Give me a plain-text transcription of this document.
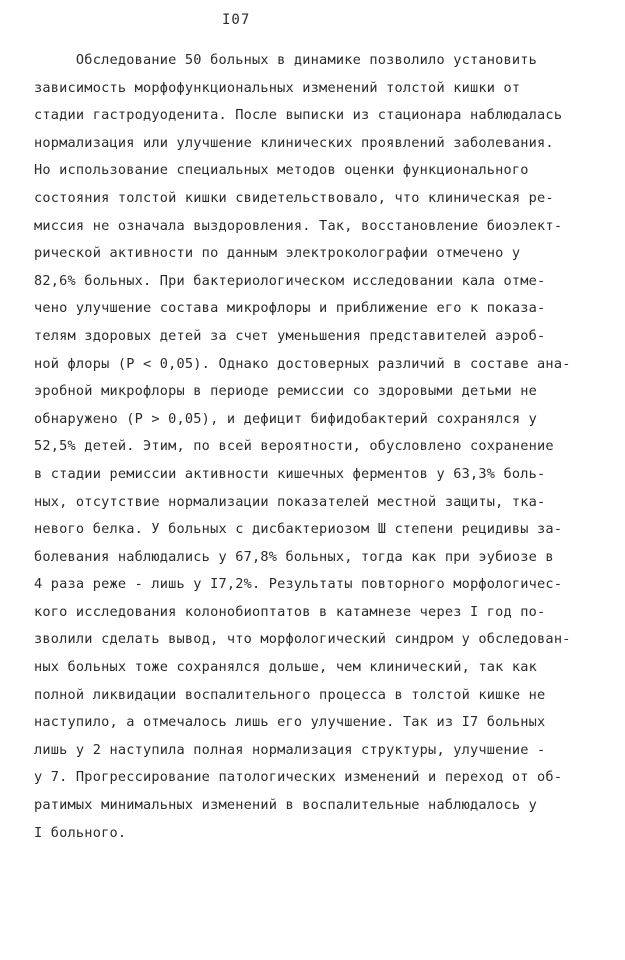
I07
Обследование 50 больных в динамике позволило установить
зависимость морфофункциональных изменений толстой кишки от
стадии гастродуоденита. После выписки из стационара наблюдалась
нормализация или улучшение клинических проявлений заболевания.
Но использование специальных методов оценки функционального
состояния толстой кишки свидетельствовало, что клиническая ре-
миссия не означала выздоровления. Так, восстановление биоэлект-
рической активности по данным электроколографии отмечено у
82,6% больных. При бактериологическом исследовании кала отме-
чено улучшение состава микрофлоры и приближение его к показа-
телям здоровых детей за счет уменьшения представителей аэроб-
ной флоры (P < 0,05). Однако достоверных различий в составе ана-
эробной микрофлоры в периоде ремиссии со здоровыми детьми не
обнаружено (P > 0,05), и дефицит бифидобактерий сохранялся у
52,5% детей. Этим, по всей вероятности, обусловлено сохранение
в стадии ремиссии активности кишечных ферментов у 63,3% боль-
ных, отсутствие нормализации показателей местной защиты, тка-
невого белка. У больных с дисбактериозом Ш степени рецидивы за-
болевания наблюдались у 67,8% больных, тогда как при эубиозе в
4 раза реже - лишь у I7,2%. Результаты повторного морфологичес-
кого исследования колонобиоптатов в катамнезе через I год по-
зволили сделать вывод, что морфологический синдром у обследован-
ных больных тоже сохранялся дольше, чем клинический, так как
полной ликвидации воспалительного процесса в толстой кишке не
наступило, а отмечалось лишь его улучшение. Так из I7 больных
лишь у 2 наступила полная нормализация структуры, улучшение -
у 7. Прогрессирование патологических изменений и переход от об-
ратимых минимальных изменений в воспалительные наблюдалось у
I больного.
